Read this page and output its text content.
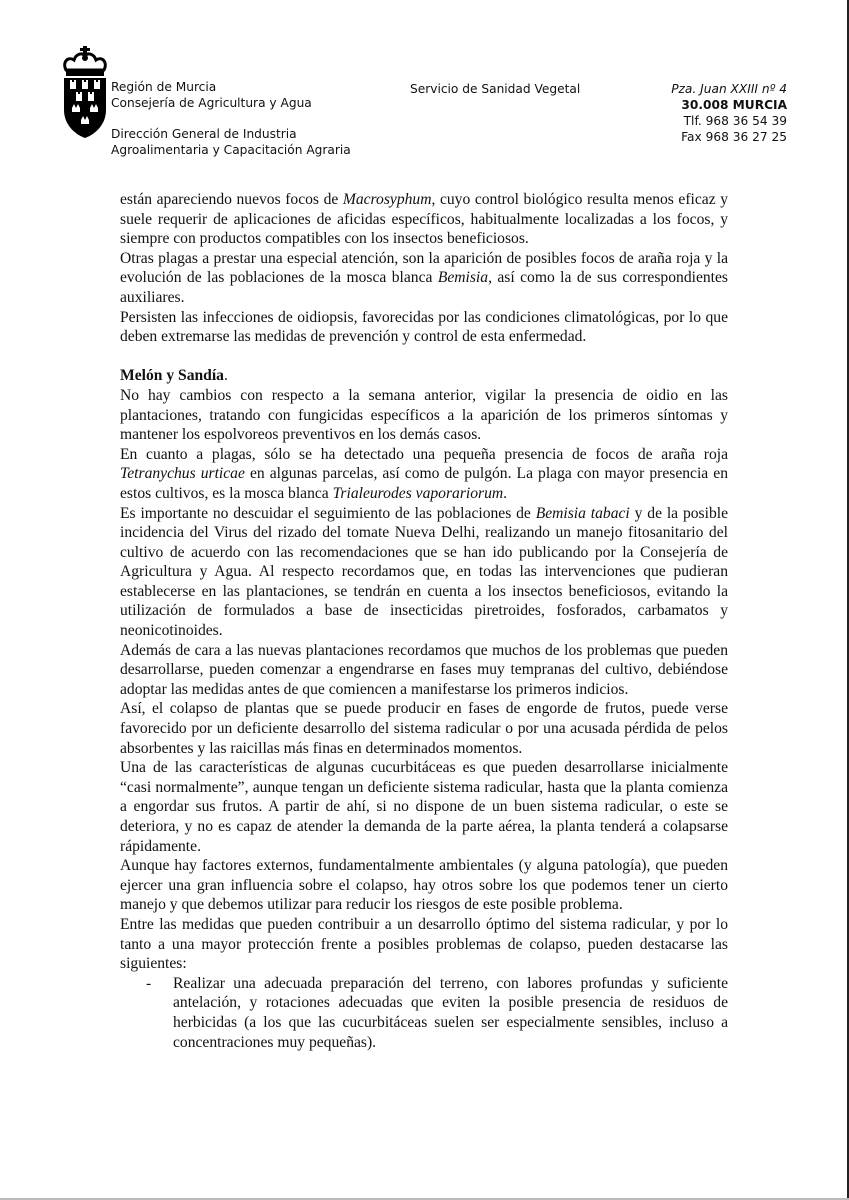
Región de Murcia
Consejería de Agricultura y Agua
Dirección General de Industria
Agroalimentaria y Capacitación Agraria
Servicio de Sanidad Vegetal	Pza. Juan XXIII nº 4
30.008 MURCIA
Tlf. 968 36 54 39
Fax 968 36 27 25

están apareciendo nuevos focos de Macrosyphum, cuyo control biológico resulta menos eficaz y suele requerir de aplicaciones de aficidas específicos, habitualmente localizadas a los focos, y siempre con productos compatibles con los insectos beneficiosos.

Otras plagas a prestar una especial atención, son la aparición de posibles focos de araña roja y la evolución de las poblaciones de la mosca blanca Bemisia, así como la de sus correspondientes auxiliares.

Persisten las infecciones de oidiopsis, favorecidas por las condiciones climatológicas, por lo que deben extremarse las medidas de prevención y control de esta enfermedad.

Melón y Sandía.

No hay cambios con respecto a la semana anterior, vigilar la presencia de oidio en las plantaciones, tratando con fungicidas específicos a la aparición de los primeros síntomas y mantener los espolvoreos preventivos en los demás casos.

En cuanto a plagas, sólo se ha detectado una pequeña presencia de focos de araña roja Tetranychus urticae en algunas parcelas, así como de pulgón. La plaga con mayor presencia en estos cultivos, es la mosca blanca Trialeurodes vaporariorum.

Es importante no descuidar el seguimiento de las poblaciones de Bemisia tabaci y de la posible incidencia del Virus del rizado del tomate Nueva Delhi, realizando un manejo fitosanitario del cultivo de acuerdo con las recomendaciones que se han ido publicando por la Consejería de Agricultura y Agua. Al respecto recordamos que, en todas las intervenciones que pudieran establecerse en las plantaciones, se tendrán en cuenta a los insectos beneficiosos, evitando la utilización de formulados a base de insecticidas piretroides, fosforados, carbamatos y neonicotinoides.

Además de cara a las nuevas plantaciones recordamos que muchos de los problemas que pueden desarrollarse, pueden comenzar a engendrarse en fases muy tempranas del cultivo, debiéndose adoptar las medidas antes de que comiencen a manifestarse los primeros indicios.

Así, el colapso de plantas que se puede producir en fases de engorde de frutos, puede verse favorecido por un deficiente desarrollo del sistema radicular o por una acusada pérdida de pelos absorbentes y las raicillas más finas en determinados momentos.

Una de las características de algunas cucurbitáceas es que pueden desarrollarse inicialmente “casi normalmente”, aunque tengan un deficiente sistema radicular, hasta que la planta comienza a engordar sus frutos. A partir de ahí, si no dispone de un buen sistema radicular, o este se deteriora, y no es capaz de atender la demanda de la parte aérea, la planta tenderá a colapsarse rápidamente.

Aunque hay factores externos, fundamentalmente ambientales (y alguna patología), que pueden ejercer una gran influencia sobre el colapso, hay otros sobre los que podemos tener un cierto manejo y que debemos utilizar para reducir los riesgos de este posible problema.

Entre las medidas que pueden contribuir a un desarrollo óptimo del sistema radicular, y por lo tanto a una mayor protección frente a posibles problemas de colapso, pueden destacarse las siguientes:

- Realizar una adecuada preparación del terreno, con labores profundas y suficiente antelación, y rotaciones adecuadas que eviten la posible presencia de residuos de herbicidas (a los que las cucurbitáceas suelen ser especialmente sensibles, incluso a concentraciones muy pequeñas).
